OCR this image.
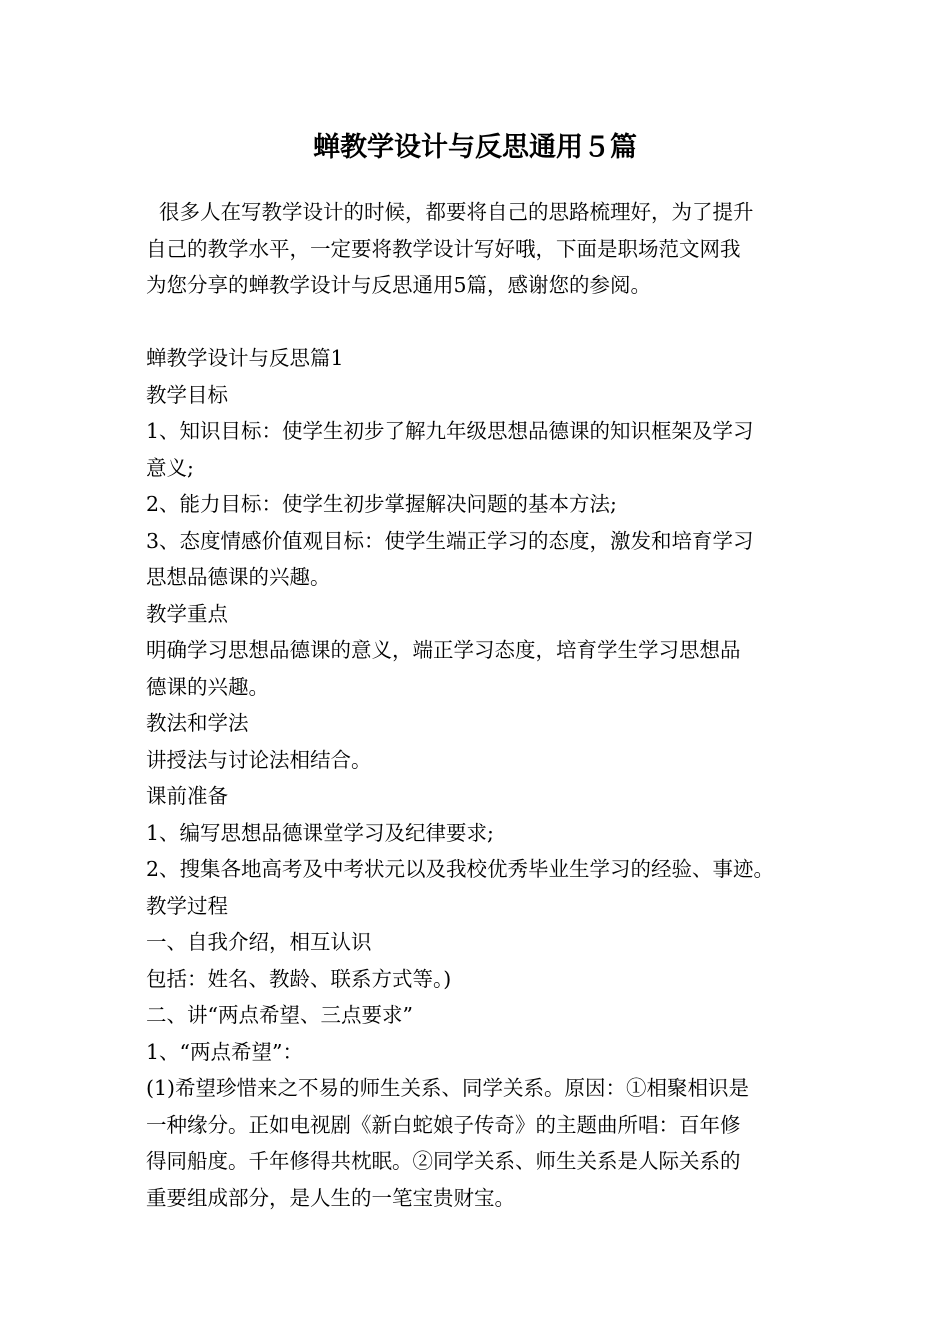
蝉教学设计与反思通用５篇
很多人在写教学设计的时候，都要将自己的思路梳理好，为了提升
自己的教学水平，一定要将教学设计写好哦，下面是职场范文网我
为您分享的蝉教学设计与反思通用5篇，感谢您的参阅。
蝉教学设计与反思篇1
教学目标
1、知识目标：使学生初步了解九年级思想品德课的知识框架及学习
意义;
2、能力目标：使学生初步掌握解决问题的基本方法;
3、态度情感价值观目标：使学生端正学习的态度，激发和培育学习
思想品德课的兴趣。
教学重点
明确学习思想品德课的意义，端正学习态度，培育学生学习思想品
德课的兴趣。
教法和学法
讲授法与讨论法相结合。
课前准备
1、编写思想品德课堂学习及纪律要求;
2、搜集各地高考及中考状元以及我校优秀毕业生学习的经验、事迹。
教学过程
一、自我介绍，相互认识
包括：姓名、教龄、联系方式等。)
二、讲“两点希望、三点要求”
1、“两点希望”：
(1)希望珍惜来之不易的师生关系、同学关系。原因：①相聚相识是
一种缘分。正如电视剧《新白蛇娘子传奇》的主题曲所唱：百年修
得同船度。千年修得共枕眠。②同学关系、师生关系是人际关系的
重要组成部分，是人生的一笔宝贵财宝。
